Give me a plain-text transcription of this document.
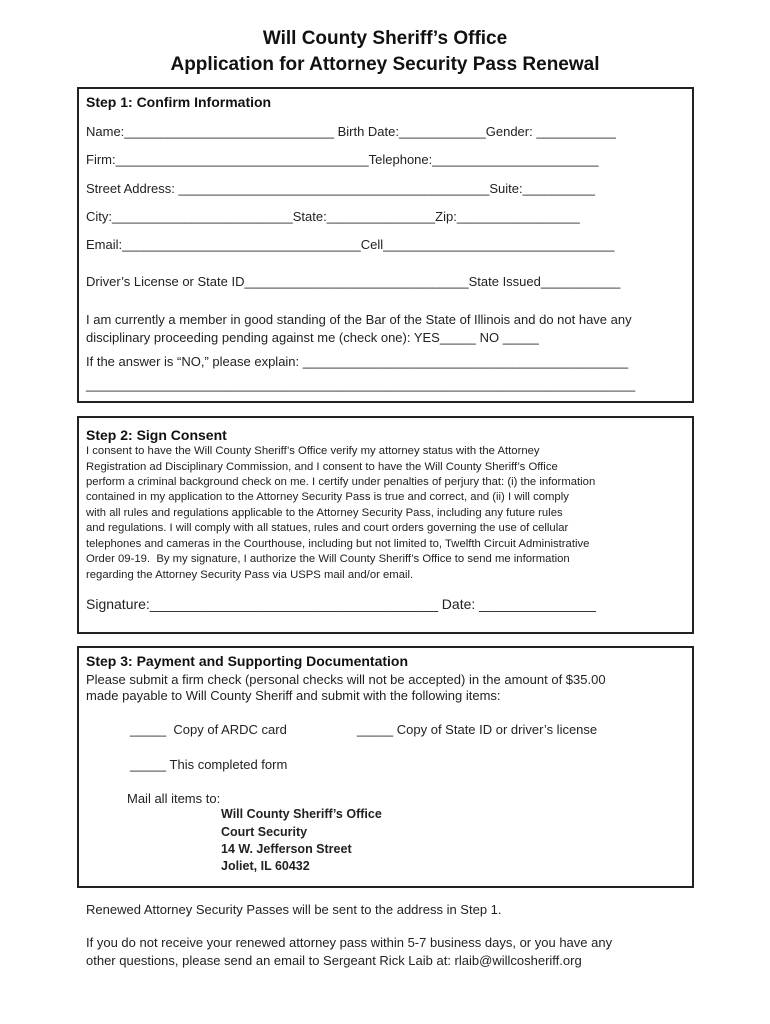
Will County Sheriff’s Office
Application for Attorney Security Pass Renewal
Step 1: Confirm Information
Name:_____________________________ Birth Date:____________Gender: ___________
Firm:___________________________________Telephone:_______________________
Street Address: ___________________________________________Suite:__________
City:_________________________State:_______________Zip:_________________
Email:_________________________________Cell________________________________
Driver’s License or State ID_______________________________State Issued___________
I am currently a member in good standing of the Bar of the State of Illinois and do not have any
disciplinary proceeding pending against me (check one): YES_____ NO _____
If the answer is “NO,” please explain: _____________________________________________
_______________________________________________________________________________
Step 2: Sign Consent
I consent to have the Will County Sheriff’s Office verify my attorney status with the Attorney
Registration ad Disciplinary Commission, and I consent to have the Will County Sheriff’s Office
perform a criminal background check on me. I certify under penalties of perjury that: (i) the information
contained in my application to the Attorney Security Pass is true and correct, and (ii) I will comply
with all rules and regulations applicable to the Attorney Security Pass, including any future rules
and regulations. I will comply with all statues, rules and court orders governing the use of cellular
telephones and cameras in the Courthouse, including but not limited to, Twelfth Circuit Administrative
Order 09-19.  By my signature, I authorize the Will County Sheriff’s Office to send me information
regarding the Attorney Security Pass via USPS mail and/or email.
Signature:_____________________________________ Date: _______________
Step 3: Payment and Supporting Documentation
Please submit a firm check (personal checks will not be accepted) in the amount of $35.00
made payable to Will County Sheriff and submit with the following items:
_____  Copy of ARDC card	_____ Copy of State ID or driver’s license
_____ This completed form
Mail all items to:
Will County Sheriff’s Office
Court Security
14 W. Jefferson Street
Joliet, IL 60432
Renewed Attorney Security Passes will be sent to the address in Step 1.
If you do not receive your renewed attorney pass within 5-7 business days, or you have any
other questions, please send an email to Sergeant Rick Laib at: rlaib@willcosheriff.org
